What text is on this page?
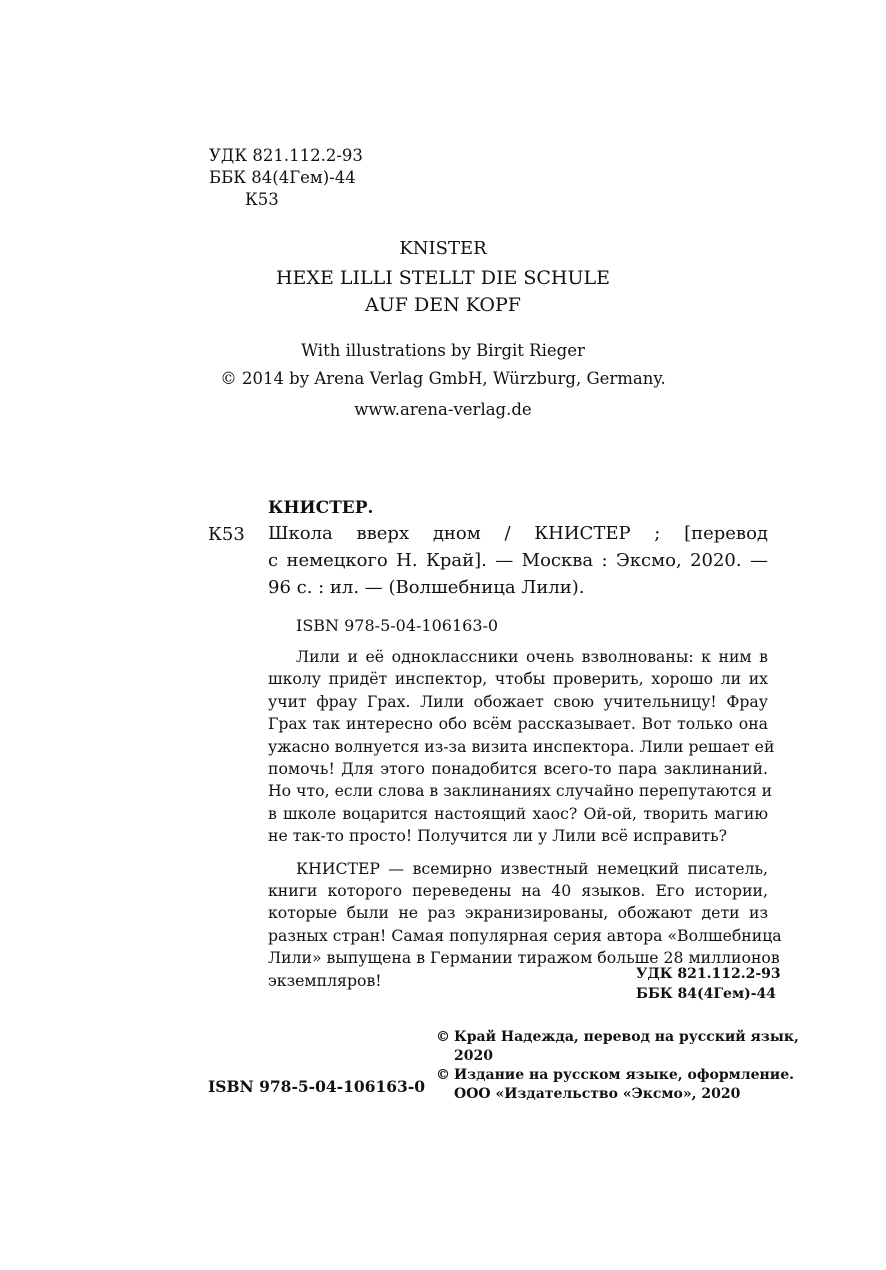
УДК 821.112.2-93
ББК 84(4Гем)-44
К53
KNISTER
HEXE LILLI STELLT DIE SCHULE
AUF DEN KOPF
With illustrations by Birgit Rieger
© 2014 by Arena Verlag GmbH, Würzburg, Germany.
www.arena-verlag.de
КНИСТЕР.
К53 Школа вверх дном / КНИСТЕР ; [перевод
с немецкого Н. Край]. — Москва : Эксмо, 2020. —
96 с. : ил. — (Волшебница Лили).
ISBN 978-5-04-106163-0
Лили и её одноклассники очень взволнованы: к ним в
школу придёт инспектор, чтобы проверить, хорошо ли их
учит фрау Грах. Лили обожает свою учительницу! Фрау
Грах так интересно обо всём рассказывает. Вот только она
ужасно волнуется из-за визита инспектора. Лили решает ей
помочь! Для этого понадобится всего-то пара заклинаний.
Но что, если слова в заклинаниях случайно перепутаются и
в школе воцарится настоящий хаос? Ой-ой, творить магию
не так-то просто! Получится ли у Лили всё исправить?
КНИСТЕР — всемирно известный немецкий писатель,
книги которого переведены на 40 языков. Его истории,
которые были не раз экранизированы, обожают дети из
разных стран! Самая популярная серия автора «Волшебница
Лили» выпущена в Германии тиражом больше 28 миллионов
экземпляров!	УДК 821.112.2-93
ББК 84(4Гем)-44
© Край Надежда, перевод на русский язык,
2020
© Издание на русском языке, оформление.
ООО «Издательство «Эксмо», 2020
ISBN 978-5-04-106163-0
